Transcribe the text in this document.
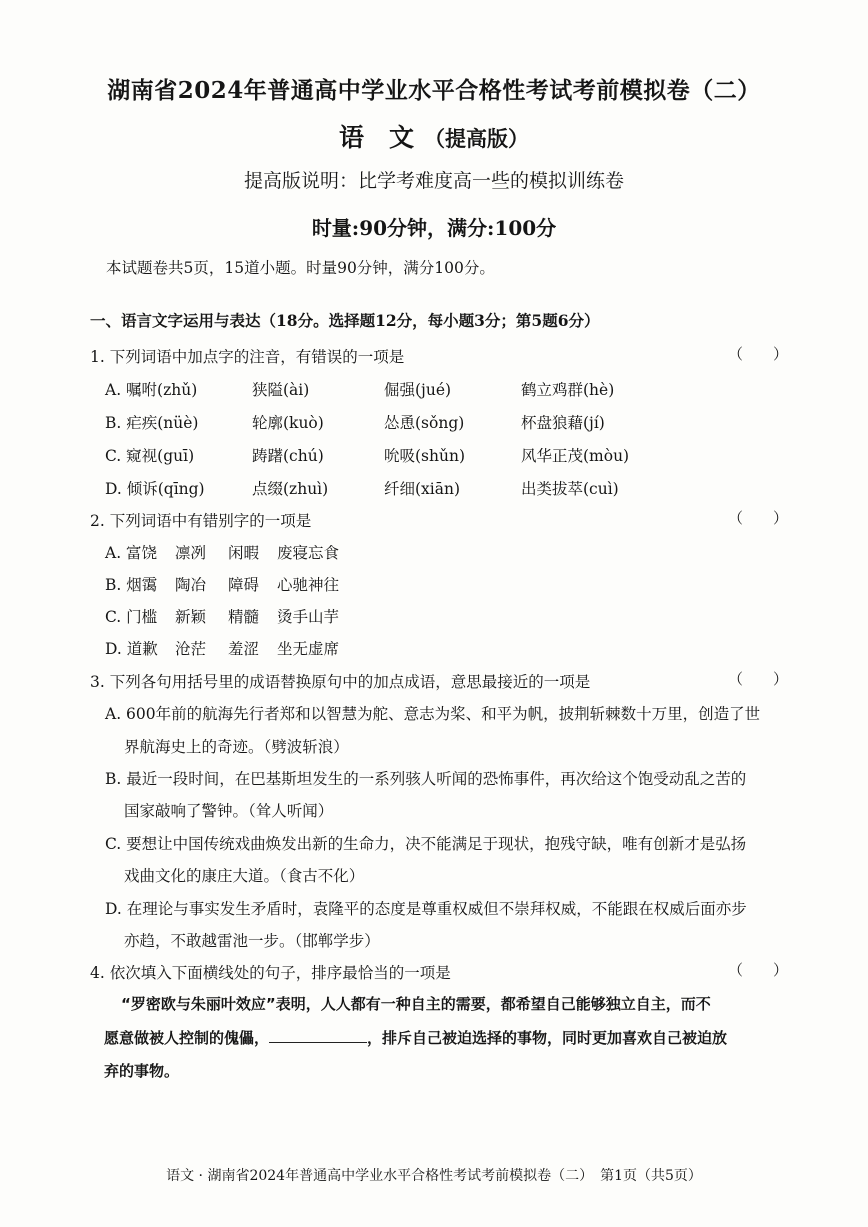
湖南省2024年普通高中学业水平合格性考试考前模拟卷（二）
语　文 （提高版）
提高版说明：比学考难度高一些的模拟训练卷
时量:90分钟，满分:100分
本试题卷共5页，15道小题。时量90分钟，满分100分。
一、语言文字运用与表达（18分。选择题12分，每小题3分；第5题6分）
1. 下列词语中加点字的注音，有错误的一项是	（　　）
A. 嘱咐(zhǔ)	狭隘(ài)	倔强(jué)	鹤立鸡群(hè)
B. 疟疾(nüè)	轮廓(kuò)	怂恿(sǒng)	杯盘狼藉(jí)
C. 窥视(guī)	踌躇(chú)	吮吸(shǔn)	风华正茂(mòu)
D. 倾诉(qīng)	点缀(zhuì)	纤细(xiān)	出类拔萃(cuì)
2. 下列词语中有错别字的一项是	（　　）
A. 富饶 凛冽 闲暇 废寝忘食
B. 烟霭 陶冶 障碍 心驰神往
C. 门槛 新颖 精髓 烫手山芋
D. 道歉 沧茫 羞涩 坐无虚席
3. 下列各句用括号里的成语替换原句中的加点成语，意思最接近的一项是	（　　）
A. 600年前的航海先行者郑和以智慧为舵、意志为桨、和平为帆，披荆斩棘数十万里，创造了世
界航海史上的奇迹。（劈波斩浪）
B. 最近一段时间，在巴基斯坦发生的一系列骇人听闻的恐怖事件，再次给这个饱受动乱之苦的
国家敲响了警钟。（耸人听闻）
C. 要想让中国传统戏曲焕发出新的生命力，决不能满足于现状，抱残守缺，唯有创新才是弘扬
戏曲文化的康庄大道。（食古不化）
D. 在理论与事实发生矛盾时，袁隆平的态度是尊重权威但不崇拜权威，不能跟在权威后面亦步
亦趋，不敢越雷池一步。（邯郸学步）
4. 依次填入下面横线处的句子，排序最恰当的一项是	（　　）
“罗密欧与朱丽叶效应”表明，人人都有一种自主的需要，都希望自己能够独立自主，而不
愿意做被人控制的傀儡，	，排斥自己被迫选择的事物，同时更加喜欢自己被迫放
弃的事物。
语文 · 湖南省2024年普通高中学业水平合格性考试考前模拟卷（二）　第1页（共5页）
